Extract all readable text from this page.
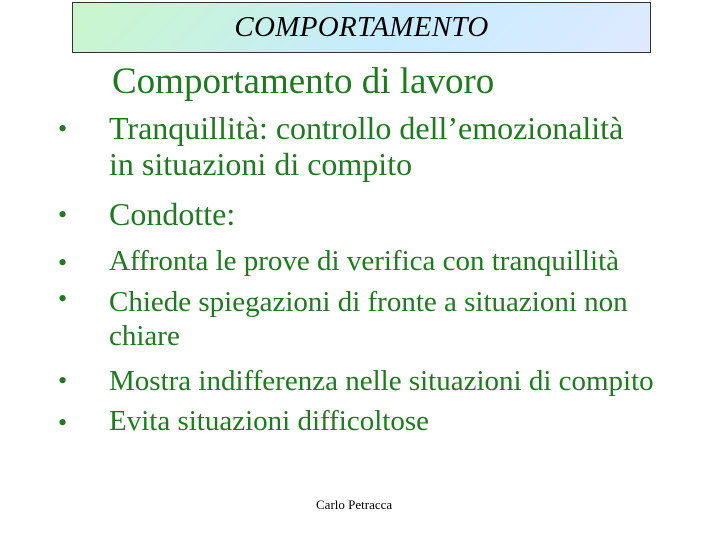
COMPORTAMENTO
Comportamento di lavoro
• Tranquillità: controllo dell’emozionalità
in situazioni di compito
• Condotte:
• Affronta le prove di verifica con tranquillità
• Chiede spiegazioni di fronte a situazioni non
chiare
• Mostra indifferenza nelle situazioni di compito
• Evita situazioni difficoltose
Carlo Petracca
